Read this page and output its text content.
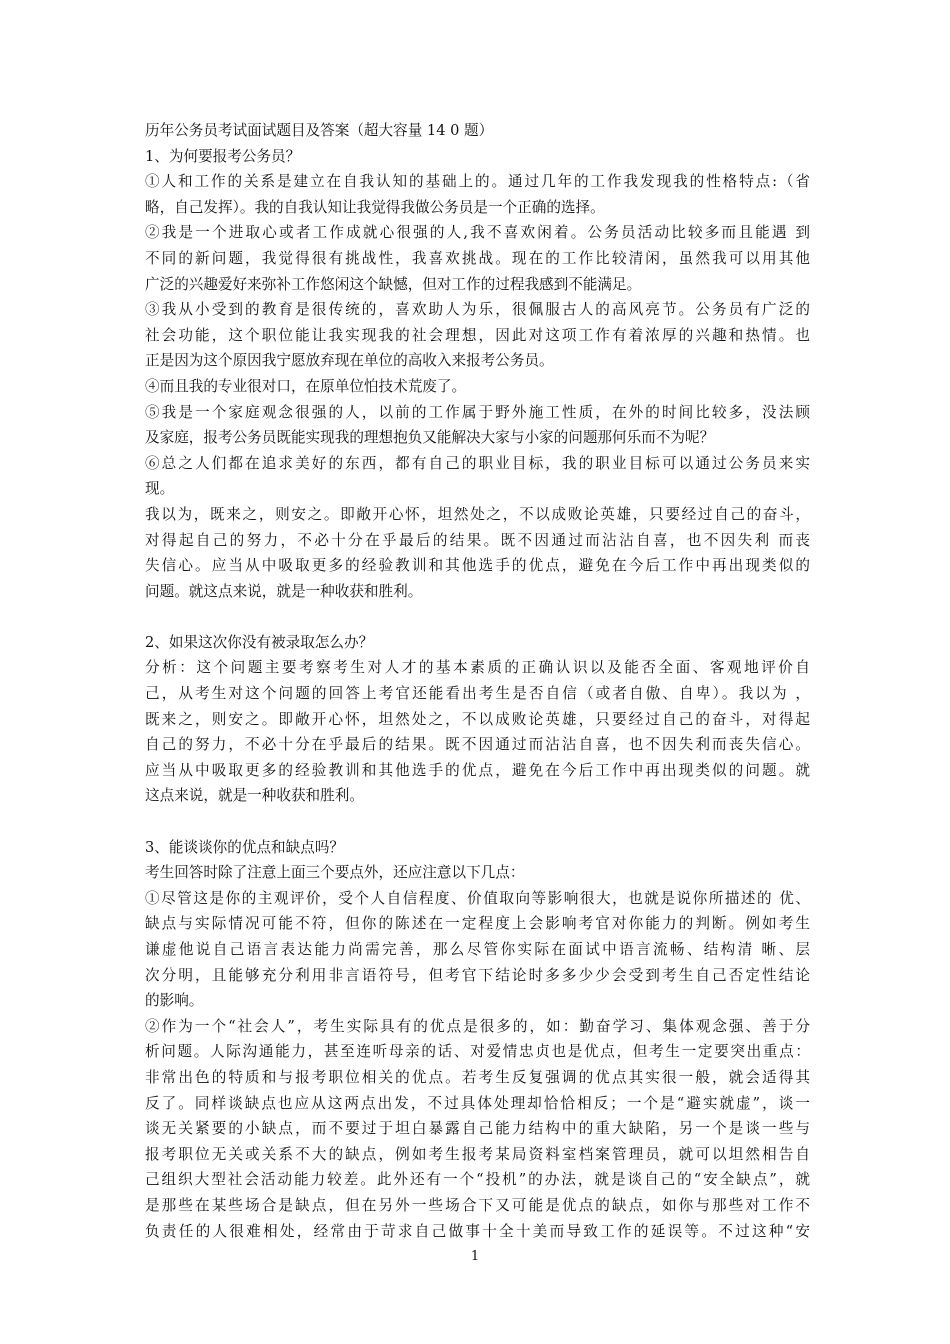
历年公务员考试面试题目及答案（超大容量 14 0 题）
1、为何要报考公务员？
①人和工作的关系是建立在自我认知的基础上的。通过几年的工作我发现我的性格特点:（省
略，自己发挥）。我的自我认知让我觉得我做公务员是一个正确的选择。
②我是一个进取心或者工作成就心很强的人,我不喜欢闲着。公务员活动比较多而且能遇 到
不同的新问题，我觉得很有挑战性，我喜欢挑战。现在的工作比较清闲，虽然我可以用其他
广泛的兴趣爱好来弥补工作悠闲这个缺憾，但对工作的过程我感到不能满足。
③我从小受到的教育是很传统的，喜欢助人为乐，很佩服古人的高风亮节。公务员有广泛的
社会功能，这个职位能让我实现我的社会理想，因此对这项工作有着浓厚的兴趣和热情。也
正是因为这个原因我宁愿放弃现在单位的高收入来报考公务员。
④而且我的专业很对口，在原单位怕技术荒废了。
⑤我是一个家庭观念很强的人，以前的工作属于野外施工性质，在外的时间比较多，没法顾
及家庭，报考公务员既能实现我的理想抱负又能解决大家与小家的问题那何乐而不为呢？
⑥总之人们都在追求美好的东西，都有自己的职业目标，我的职业目标可以通过公务员来实
现。
我以为，既来之，则安之。即敞开心怀，坦然处之，不以成败论英雄，只要经过自己的奋斗，
对得起自己的努力，不必十分在乎最后的结果。既不因通过而沾沾自喜，也不因失利 而丧
失信心。应当从中吸取更多的经验教训和其他选手的优点，避免在今后工作中再出现类似的
问题。就这点来说，就是一种收获和胜利。
2、如果这次你没有被录取怎么办？
分析：这个问题主要考察考生对人才的基本素质的正确认识以及能否全面、客观地评价自
己，从考生对这个问题的回答上考官还能看出考生是否自信（或者自傲、自卑）。我以为 ，
既来之，则安之。即敞开心怀，坦然处之，不以成败论英雄，只要经过自己的奋斗，对得起
自己的努力，不必十分在乎最后的结果。既不因通过而沾沾自喜，也不因失利而丧失信心。
应当从中吸取更多的经验教训和其他选手的优点，避免在今后工作中再出现类似的问题。就
这点来说，就是一种收获和胜利。
3、能谈谈你的优点和缺点吗？
考生回答时除了注意上面三个要点外，还应注意以下几点：
①尽管这是你的主观评价，受个人自信程度、价值取向等影响很大，也就是说你所描述的 优、
缺点与实际情况可能不符，但你的陈述在一定程度上会影响考官对你能力的判断。例如考生
谦虚他说自己语言表达能力尚需完善，那么尽管你实际在面试中语言流畅、结构清 晰、层
次分明，且能够充分利用非言语符号，但考官下结论时多多少少会受到考生自己否定性结论
的影响。
②作为一个“社会人”，考生实际具有的优点是很多的，如：勤奋学习、集体观念强、善于分
析问题。人际沟通能力，甚至连听母亲的话、对爱情忠贞也是优点，但考生一定要突出重点：
非常出色的特质和与报考职位相关的优点。若考生反复强调的优点其实很一般，就会适得其
反了。同样谈缺点也应从这两点出发，不过具体处理却恰恰相反；一个是“避实就虚”，谈一
谈无关紧要的小缺点，而不要过于坦白暴露自己能力结构中的重大缺陷，另一个是谈一些与
报考职位无关或关系不大的缺点，例如考生报考某局资料室档案管理员，就可以坦然相告自
己组织大型社会活动能力较差。此外还有一个“投机”的办法，就是谈自己的“安全缺点”，就
是那些在某些场合是缺点，但在另外一些场合下又可能是优点的缺点，如你与那些对工作不
负责任的人很难相处，经常由于苛求自己做事十全十美而导致工作的延误等。不过这种“安
1
